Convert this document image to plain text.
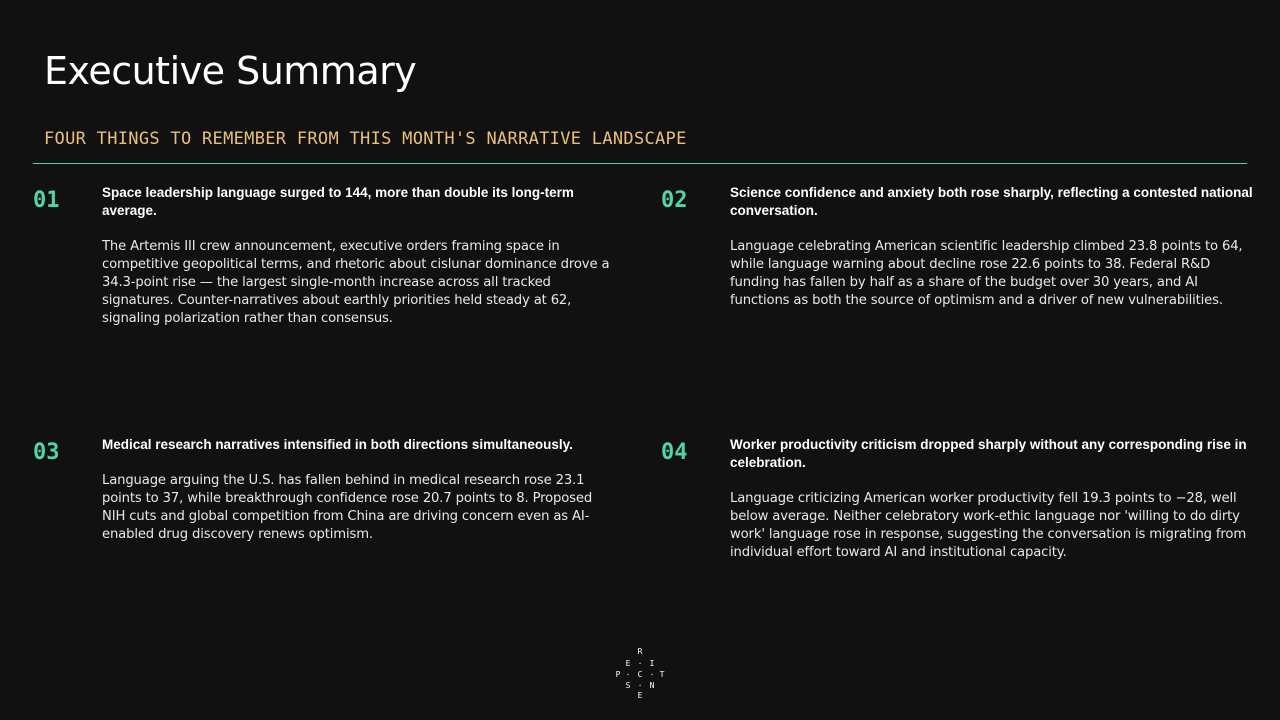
Executive Summary
FOUR THINGS TO REMEMBER FROM THIS MONTH'S NARRATIVE LANDSCAPE
01	Space leadership language surged to 144, more than double its long-term average.
The Artemis III crew announcement, executive orders framing space in competitive geopolitical terms, and rhetoric about cislunar dominance drove a 34.3-point rise — the largest single-month increase across all tracked signatures. Counter-narratives about earthly priorities held steady at 62, signaling polarization rather than consensus.
02	Science confidence and anxiety both rose sharply, reflecting a contested national conversation.
Language celebrating American scientific leadership climbed 23.8 points to 64, while language warning about decline rose 22.6 points to 38. Federal R&D funding has fallen by half as a share of the budget over 30 years, and AI functions as both the source of optimism and a driver of new vulnerabilities.
03	Medical research narratives intensified in both directions simultaneously.
Language arguing the U.S. has fallen behind in medical research rose 23.1 points to 37, while breakthrough confidence rose 20.7 points to 8. Proposed NIH cuts and global competition from China are driving concern even as AI-enabled drug discovery renews optimism.
04	Worker productivity criticism dropped sharply without any corresponding rise in celebration.
Language criticizing American worker productivity fell 19.3 points to −28, well below average. Neither celebratory work-ethic language nor 'willing to do dirty work' language rose in response, suggesting the conversation is migrating from individual effort toward AI and institutional capacity.
R
E · I
P · C · T
S · N
E
